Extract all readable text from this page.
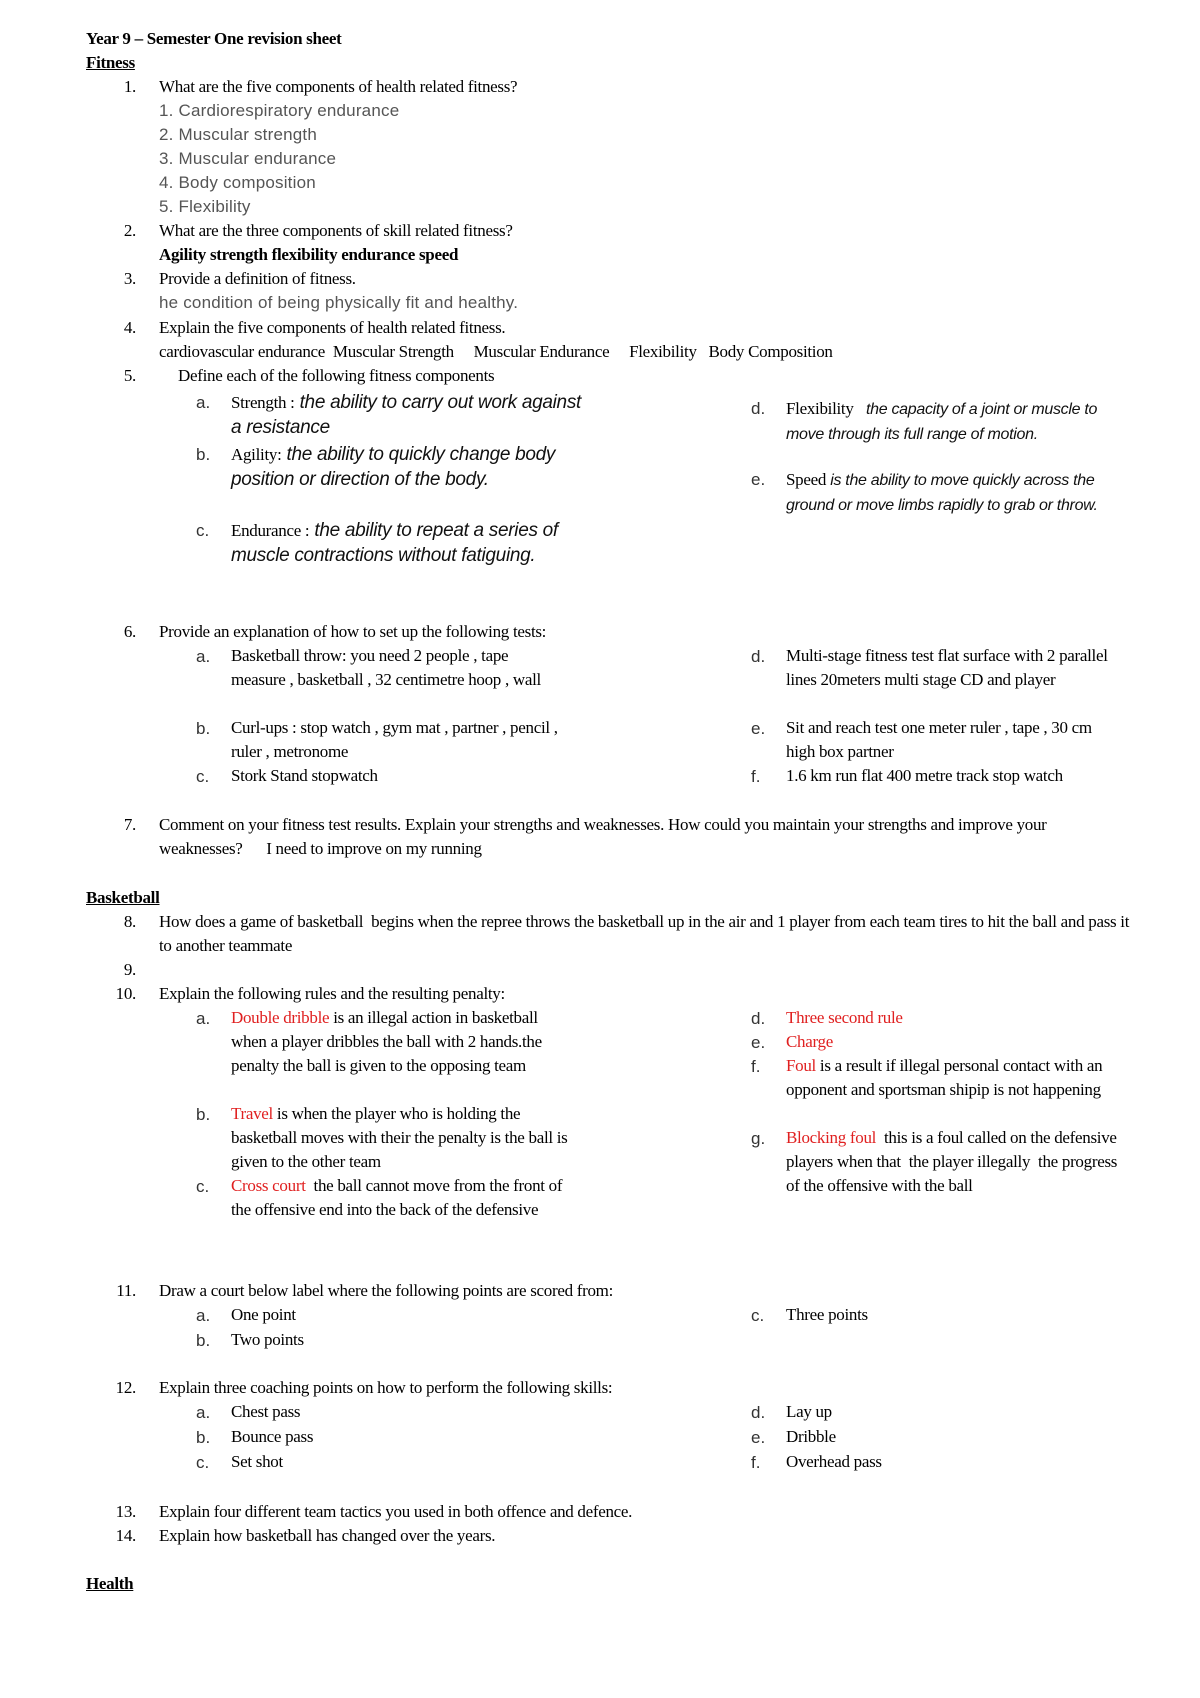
Year 9 – Semester One revision sheet
Fitness
1. What are the five components of health related fitness?
1. Cardiorespiratory endurance
2. Muscular strength
3. Muscular endurance
4. Body composition
5. Flexibility
2. What are the three components of skill related fitness?
Agility strength flexibility endurance speed
3. Provide a definition of fitness.
he condition of being physically fit and healthy.
4. Explain the five components of health related fitness.
cardiovascular endurance  Muscular Strength     Muscular Endurance     Flexibility   Body Composition
5. Define each of the following fitness components
a. Strength : the ability to carry out work against a resistance
b. Agility: the ability to quickly change body position or direction of the body.
c. Endurance : the ability to repeat a series of muscle contractions without fatiguing.
d. Flexibility   the capacity of a joint or muscle to move through its full range of motion.
e. Speed is the ability to move quickly across the ground or move limbs rapidly to grab or throw.
6. Provide an explanation of how to set up the following tests:
a. Basketball throw: you need 2 people , tape measure , basketball , 32 centimetre hoop , wall
b. Curl-ups : stop watch , gym mat , partner , pencil , ruler , metronome
c. Stork Stand stopwatch
d. Multi-stage fitness test flat surface with 2 parallel lines 20meters multi stage CD and player
e. Sit and reach test one meter ruler , tape , 30 cm high box partner
f. 1.6 km run flat 400 metre track stop watch
7. Comment on your fitness test results. Explain your strengths and weaknesses. How could you maintain your strengths and improve your weaknesses?      I need to improve on my running
Basketball
8. How does a game of basketball  begins when the repree throws the basketball up in the air and 1 player from each team tires to hit the ball and pass it to another teammate
9.
10. Explain the following rules and the resulting penalty:
a. Double dribble is an illegal action in basketball when a player dribbles the ball with 2 hands.the penalty the ball is given to the opposing team
b. Travel is when the player who is holding the basketball moves with their the penalty is the ball is given to the other team
c. Cross court  the ball cannot move from the front of the offensive end into the back of the defensive
d. Three second rule
e. Charge
f. Foul is a result if illegal personal contact with an opponent and sportsman shipip is not happening
g. Blocking foul  this is a foul called on the defensive players when that  the player illegally  the progress of the offensive with the ball
11. Draw a court below label where the following points are scored from:
a. One point
b. Two points
c. Three points
12. Explain three coaching points on how to perform the following skills:
a. Chest pass
b. Bounce pass
c. Set shot
d. Lay up
e. Dribble
f. Overhead pass
13. Explain four different team tactics you used in both offence and defence.
14. Explain how basketball has changed over the years.
Health
